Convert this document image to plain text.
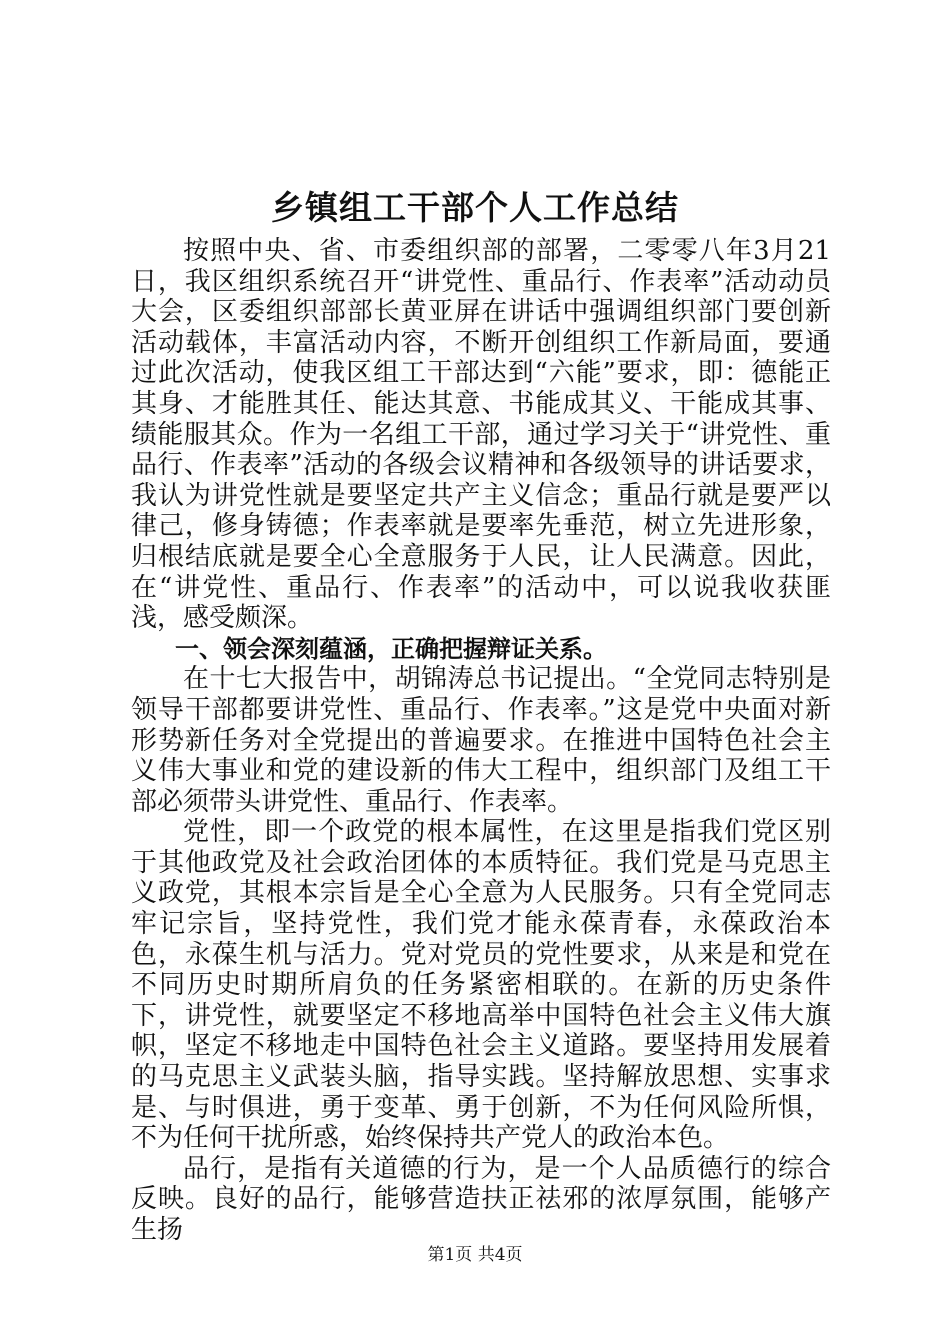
乡镇组工干部个人工作总结

按照中央、省、市委组织部的部署，二零零八年3月21日，我区组织系统召开“讲党性、重品行、作表率”活动动员大会，区委组织部部长黄亚屏在讲话中强调组织部门要创新活动载体，丰富活动内容，不断开创组织工作新局面，要通过此次活动，使我区组工干部达到“六能”要求，即：德能正其身、才能胜其任、能达其意、书能成其义、干能成其事、绩能服其众。作为一名组工干部，通过学习关于“讲党性、重品行、作表率”活动的各级会议精神和各级领导的讲话要求，我认为讲党性就是要坚定共产主义信念；重品行就是要严以律己，修身铸德；作表率就是要率先垂范，树立先进形象，归根结底就是要全心全意服务于人民，让人民满意。因此，在“讲党性、重品行、作表率”的活动中，可以说我收获匪浅，感受颇深。

一、领会深刻蕴涵，正确把握辩证关系。

在十七大报告中，胡锦涛总书记提出。“全党同志特别是领导干部都要讲党性、重品行、作表率。”这是党中央面对新形势新任务对全党提出的普遍要求。在推进中国特色社会主义伟大事业和党的建设新的伟大工程中，组织部门及组工干部必须带头讲党性、重品行、作表率。

党性，即一个政党的根本属性，在这里是指我们党区别于其他政党及社会政治团体的本质特征。我们党是马克思主义政党，其根本宗旨是全心全意为人民服务。只有全党同志牢记宗旨，坚持党性，我们党才能永葆青春，永葆政治本色，永葆生机与活力。党对党员的党性要求，从来是和党在不同历史时期所肩负的任务紧密相联的。在新的历史条件下，讲党性，就要坚定不移地高举中国特色社会主义伟大旗帜，坚定不移地走中国特色社会主义道路。要坚持用发展着的马克思主义武装头脑，指导实践。坚持解放思想、实事求是、与时俱进，勇于变革、勇于创新，不为任何风险所惧，不为任何干扰所惑，始终保持共产党人的政治本色。

品行，是指有关道德的行为，是一个人品质德行的综合反映。良好的品行，能够营造扶正祛邪的浓厚氛围，能够产生扬

第1页 共4页
